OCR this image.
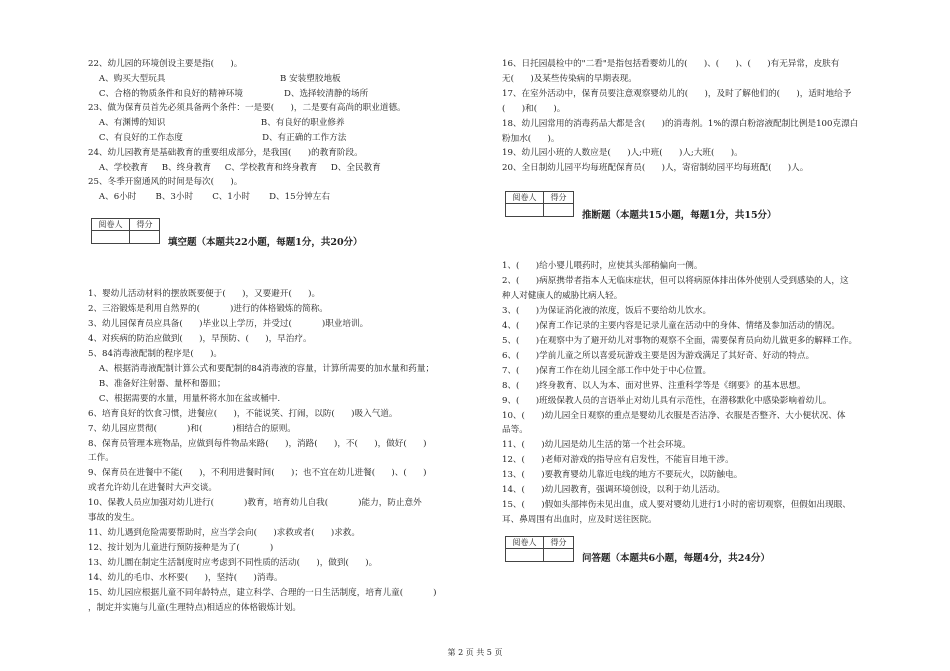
22、幼儿园的环境创设主要是指(      )。
A、购买大型玩具                                          B 安装塑胶地板
C、合格的物质条件和良好的精神环境               D、选择较清静的场所
23、做为保育员首先必须具备两个条件：一是要(      )，二是要有高尚的职业道德。
A、有渊博的知识                                   B、有良好的职业修养
C、有良好的工作态度                             D、有正确的工作方法
24、幼儿园教育是基础教育的重要组成部分，是我国(      )的教育阶段。
A、学校教育     B、终身教育     C、学校教育和终身教育     D、全民教育
25、冬季开窗通风的时间是每次(      )。
A、6小时       B、3小时       C、1小时       D、15分钟左右
阅卷人	得分
填空题（本题共22小题，每题1分，共20分）
1、婴幼儿活动材料的摆放既要便于(      )，又要避开(      )。
2、三浴锻炼是利用自然界的(           )进行的体格锻炼的简称。
3、幼儿园保育员应具备(      )毕业以上学历，并受过(           )职业培训。
4、对疾病的防治应做到(      )，早预防、(      )，早治疗。
5、84消毒液配制的程序是(      )。
A、根据消毒液配制计算公式和要配制的84消毒液的容量，计算所需要的加水量和药量；
B、准备好注射器、量杯和器皿；
C、根据需要的水量，用量杯将水加在盆或桶中.
6、培育良好的饮食习惯，进餐应(      )，不能说笑、打闹，以防(      )吸入气道。
7、幼儿园应贯彻(           )和(           )相结合的原则。
8、保育员管理本班物品，应做到每件物品来路(      )，消路(      )，不(      )，做好(      )
工作。
9、保育员在进餐中不能(      )，不利用进餐时间(      )；也不宜在幼儿进餐(      )、(      )
或者允许幼儿在进餐时大声交谈。
10、保教人员应加强对幼儿进行(           )教育，培育幼儿自我(           )能力，防止意外
事故的发生。
11、幼儿遇到危险需要帮助时，应当学会向(      )求救或者(      )求救。
12、按计划为儿童进行预防接种是为了(           )
13、幼儿圜在制定生活制度时应考虑到不同性质的活动(      )，做到(      )。
14、幼儿的毛巾、水杯要(      )，坚持(      )消毒。
15、幼儿园应根据儿童不同年龄特点，建立科学、合理的一日生活制度，培育儿童(           )
，制定并实施与儿童(生理特点)相适应的体格锻炼计划。
16、日托园晨检中的"二看"是指包括看婴幼儿的(      )、(      )、(      )有无异常，皮肤有
无(      )及某些传染病的早期表现。
17、在室外活动中，保育员要注意观察婴幼儿的(      )，及时了解他们的(      )，适时地给予
(      )和(      )。
18、幼儿园常用的消毒药品大都是含(      )的消毒剂。1%的漂白粉溶液配制比例是100克漂白
粉加水(      )。
19、幼儿园小班的人数应是(      )人;中班(      )人;大班(      )。
20、全日制幼儿园平均每班配保育员(      )人，寄宿制幼园平均每班配(      )人。
阅卷人	得分
推断题（本题共15小题，每题1分，共15分）
1、(      )给小婴儿喂药时，应使其头部稍偏向一侧。
2、(      )病原携带者指本人无临床症状，但可以将病原体排出体外使别人受到感染的人，这
种人对健康人的威胁比病人轻。
3、(      )为保证消化液的浓度，饭后不要给幼儿饮水。
4、(      )保育工作记录的主要内容是记录儿童在活动中的身体、情绪及参加活动的情况。
5、(      )在观察中为了避开幼儿对事物的观察不全面，需要保育员向幼儿做更多的解释工作。
6、(      )学前儿童之所以喜爱玩游戏主要是因为游戏满足了其好奇、好动的特点。
7、(      )保育工作在幼儿园全部工作中处于中心位置。
8、(      )终身教育、以人为本、面对世界、注重科学等是《纲要》的基本思想。
9、(      )班级保教人员的言语举止对幼儿具有示范性，在潜移默化中感染影响着幼儿。
10、(      )幼儿园全日观察的重点是婴幼儿衣服是否洁净、衣服是否整齐、大小便状况、体
品等。
11、(      )幼儿园是幼儿生活的第一个社会环境。
12、(      )老师对游戏的指导应有启发性，不能盲目地干涉。
13、(      )要教育婴幼儿靠近电线的地方不要玩火，以防触电。
14、(      )幼儿园教育，强调环境创设，以利于幼儿活动。
15、(      )假如头部摔伤未见出血，成人要对婴幼儿进行1小时的密切观察，但假如出现眼、
耳、鼻周围有出血时，应及时送往医院。
阅卷人	得分
问答题（本题共6小题，每题4分，共24分）
第 2 页 共 5 页
